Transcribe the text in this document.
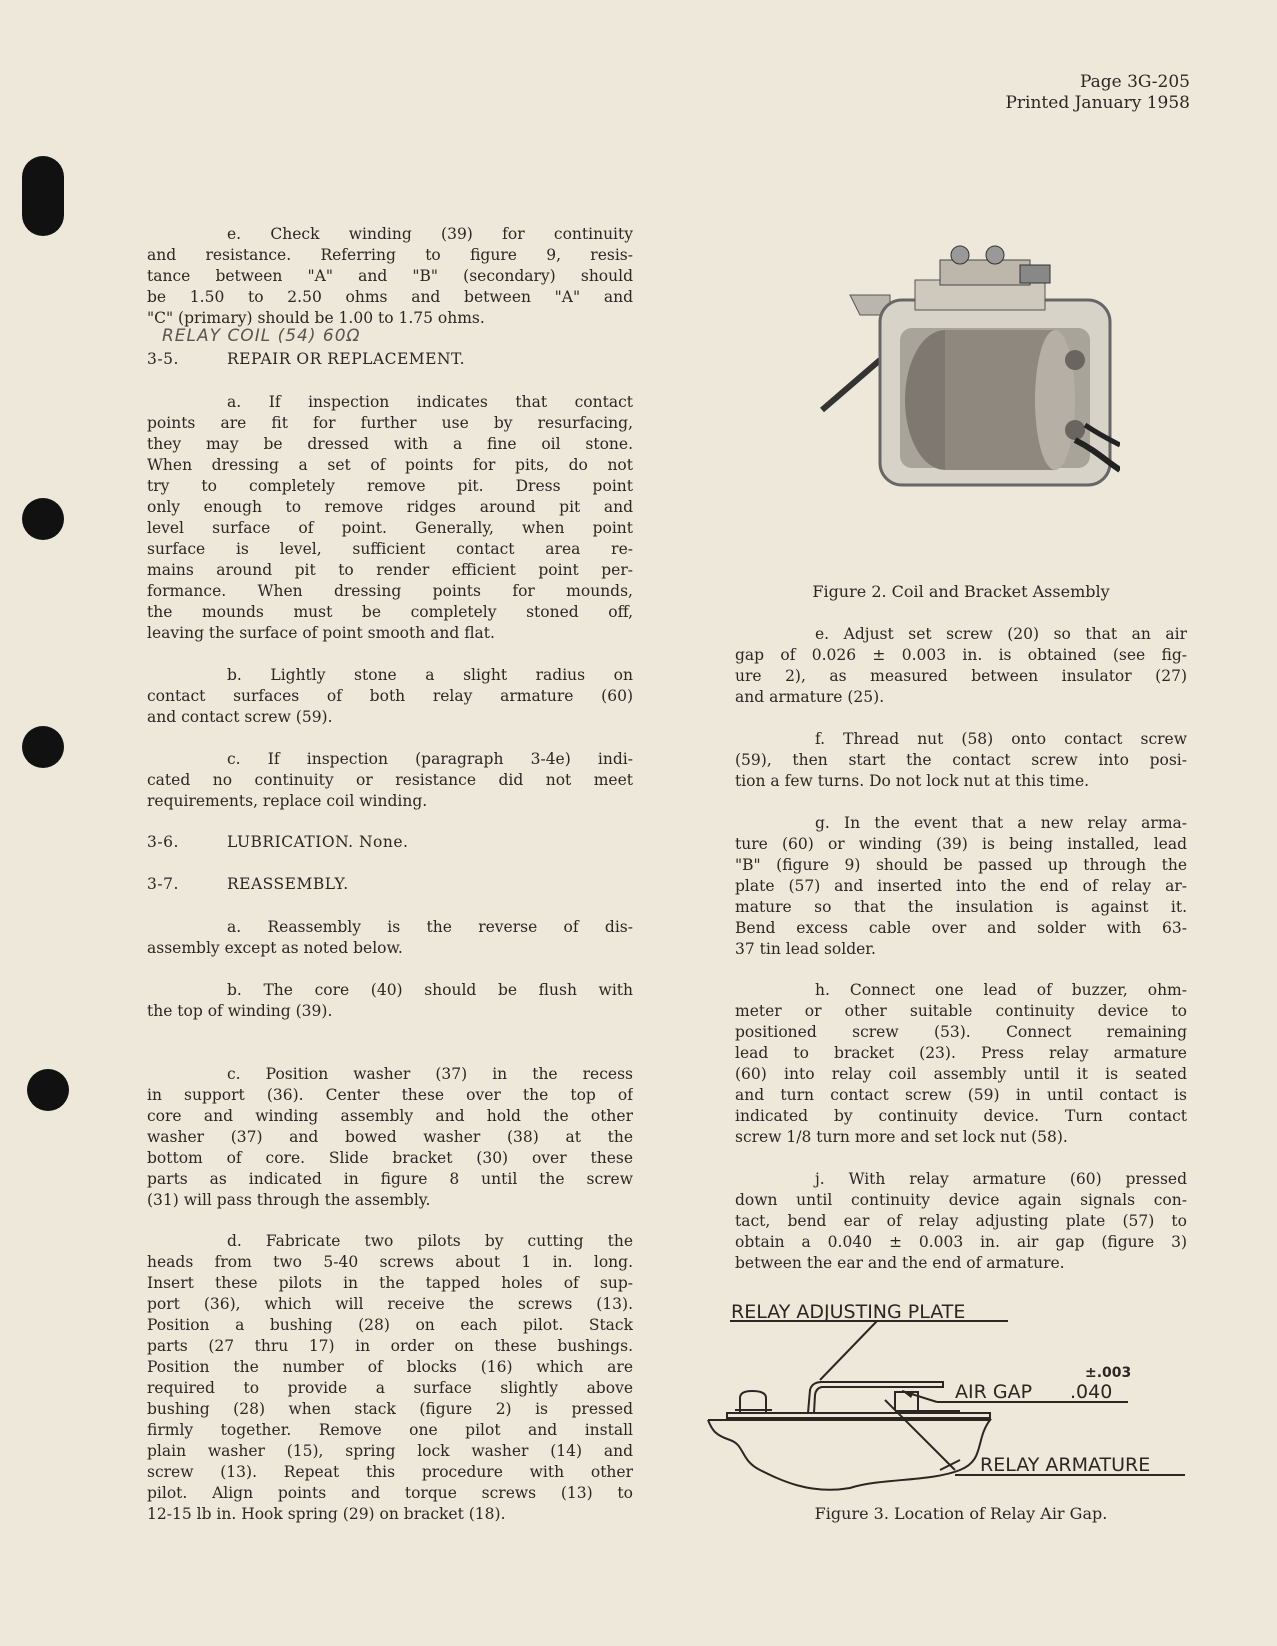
Page 3G-205
Printed January 1958
e. Check winding (39) for continuity
and resistance. Referring to figure 9, resis-
tance between "A" and "B" (secondary) should
be 1.50 to 2.50 ohms and between "A" and
"C" (primary) should be 1.00 to 1.75 ohms.
RELAY COIL (54) 60Ω
3-5.	REPAIR OR REPLACEMENT.
a. If inspection indicates that contact
points are fit for further use by resurfacing,
they may be dressed with a fine oil stone.
When dressing a set of points for pits, do not
try to completely remove pit. Dress point
only enough to remove ridges around pit and
level surface of point. Generally, when point
surface is level, sufficient contact area re-
mains around pit to render efficient point per-
formance. When dressing points for mounds,
the mounds must be completely stoned off,
leaving the surface of point smooth and flat.
b. Lightly stone a slight radius on
contact surfaces of both relay armature (60)
and contact screw (59).
c. If inspection (paragraph 3-4e) indi-
cated no continuity or resistance did not meet
requirements, replace coil winding.
3-6.	LUBRICATION. None.
3-7.	REASSEMBLY.
a. Reassembly is the reverse of dis-
assembly except as noted below.
b. The core (40) should be flush with
the top of winding (39).
c. Position washer (37) in the recess
in support (36). Center these over the top of
core and winding assembly and hold the other
washer (37) and bowed washer (38) at the
bottom of core. Slide bracket (30) over these
parts as indicated in figure 8 until the screw
(31) will pass through the assembly.
d. Fabricate two pilots by cutting the
heads from two 5-40 screws about 1 in. long.
Insert these pilots in the tapped holes of sup-
port (36), which will receive the screws (13).
Position a bushing (28) on each pilot. Stack
parts (27 thru 17) in order on these bushings.
Position the number of blocks (16) which are
required to provide a surface slightly above
bushing (28) when stack (figure 2) is pressed
firmly together. Remove one pilot and install
plain washer (15), spring lock washer (14) and
screw (13). Repeat this procedure with other
pilot. Align points and torque screws (13) to
12-15 lb in. Hook spring (29) on bracket (18).
Figure 2. Coil and Bracket Assembly
e. Adjust set screw (20) so that an air
gap of 0.026 ± 0.003 in. is obtained (see fig-
ure 2), as measured between insulator (27)
and armature (25).
f. Thread nut (58) onto contact screw
(59), then start the contact screw into posi-
tion a few turns. Do not lock nut at this time.
g. In the event that a new relay arma-
ture (60) or winding (39) is being installed, lead
"B" (figure 9) should be passed up through the
plate (57) and inserted into the end of relay ar-
mature so that the insulation is against it.
Bend excess cable over and solder with 63-
37 tin lead solder.
h. Connect one lead of buzzer, ohm-
meter or other suitable continuity device to
positioned screw (53). Connect remaining
lead to bracket (23). Press relay armature
(60) into relay coil assembly until it is seated
and turn contact screw (59) in until contact is
indicated by continuity device. Turn contact
screw 1/8 turn more and set lock nut (58).
j. With relay armature (60) pressed
down until continuity device again signals con-
tact, bend ear of relay adjusting plate (57) to
obtain a 0.040 ± 0.003 in. air gap (figure 3)
between the ear and the end of armature.
RELAY ADJUSTING PLATE
AIR GAP .040
±.003
RELAY ARMATURE
Figure 3. Location of Relay Air Gap.
